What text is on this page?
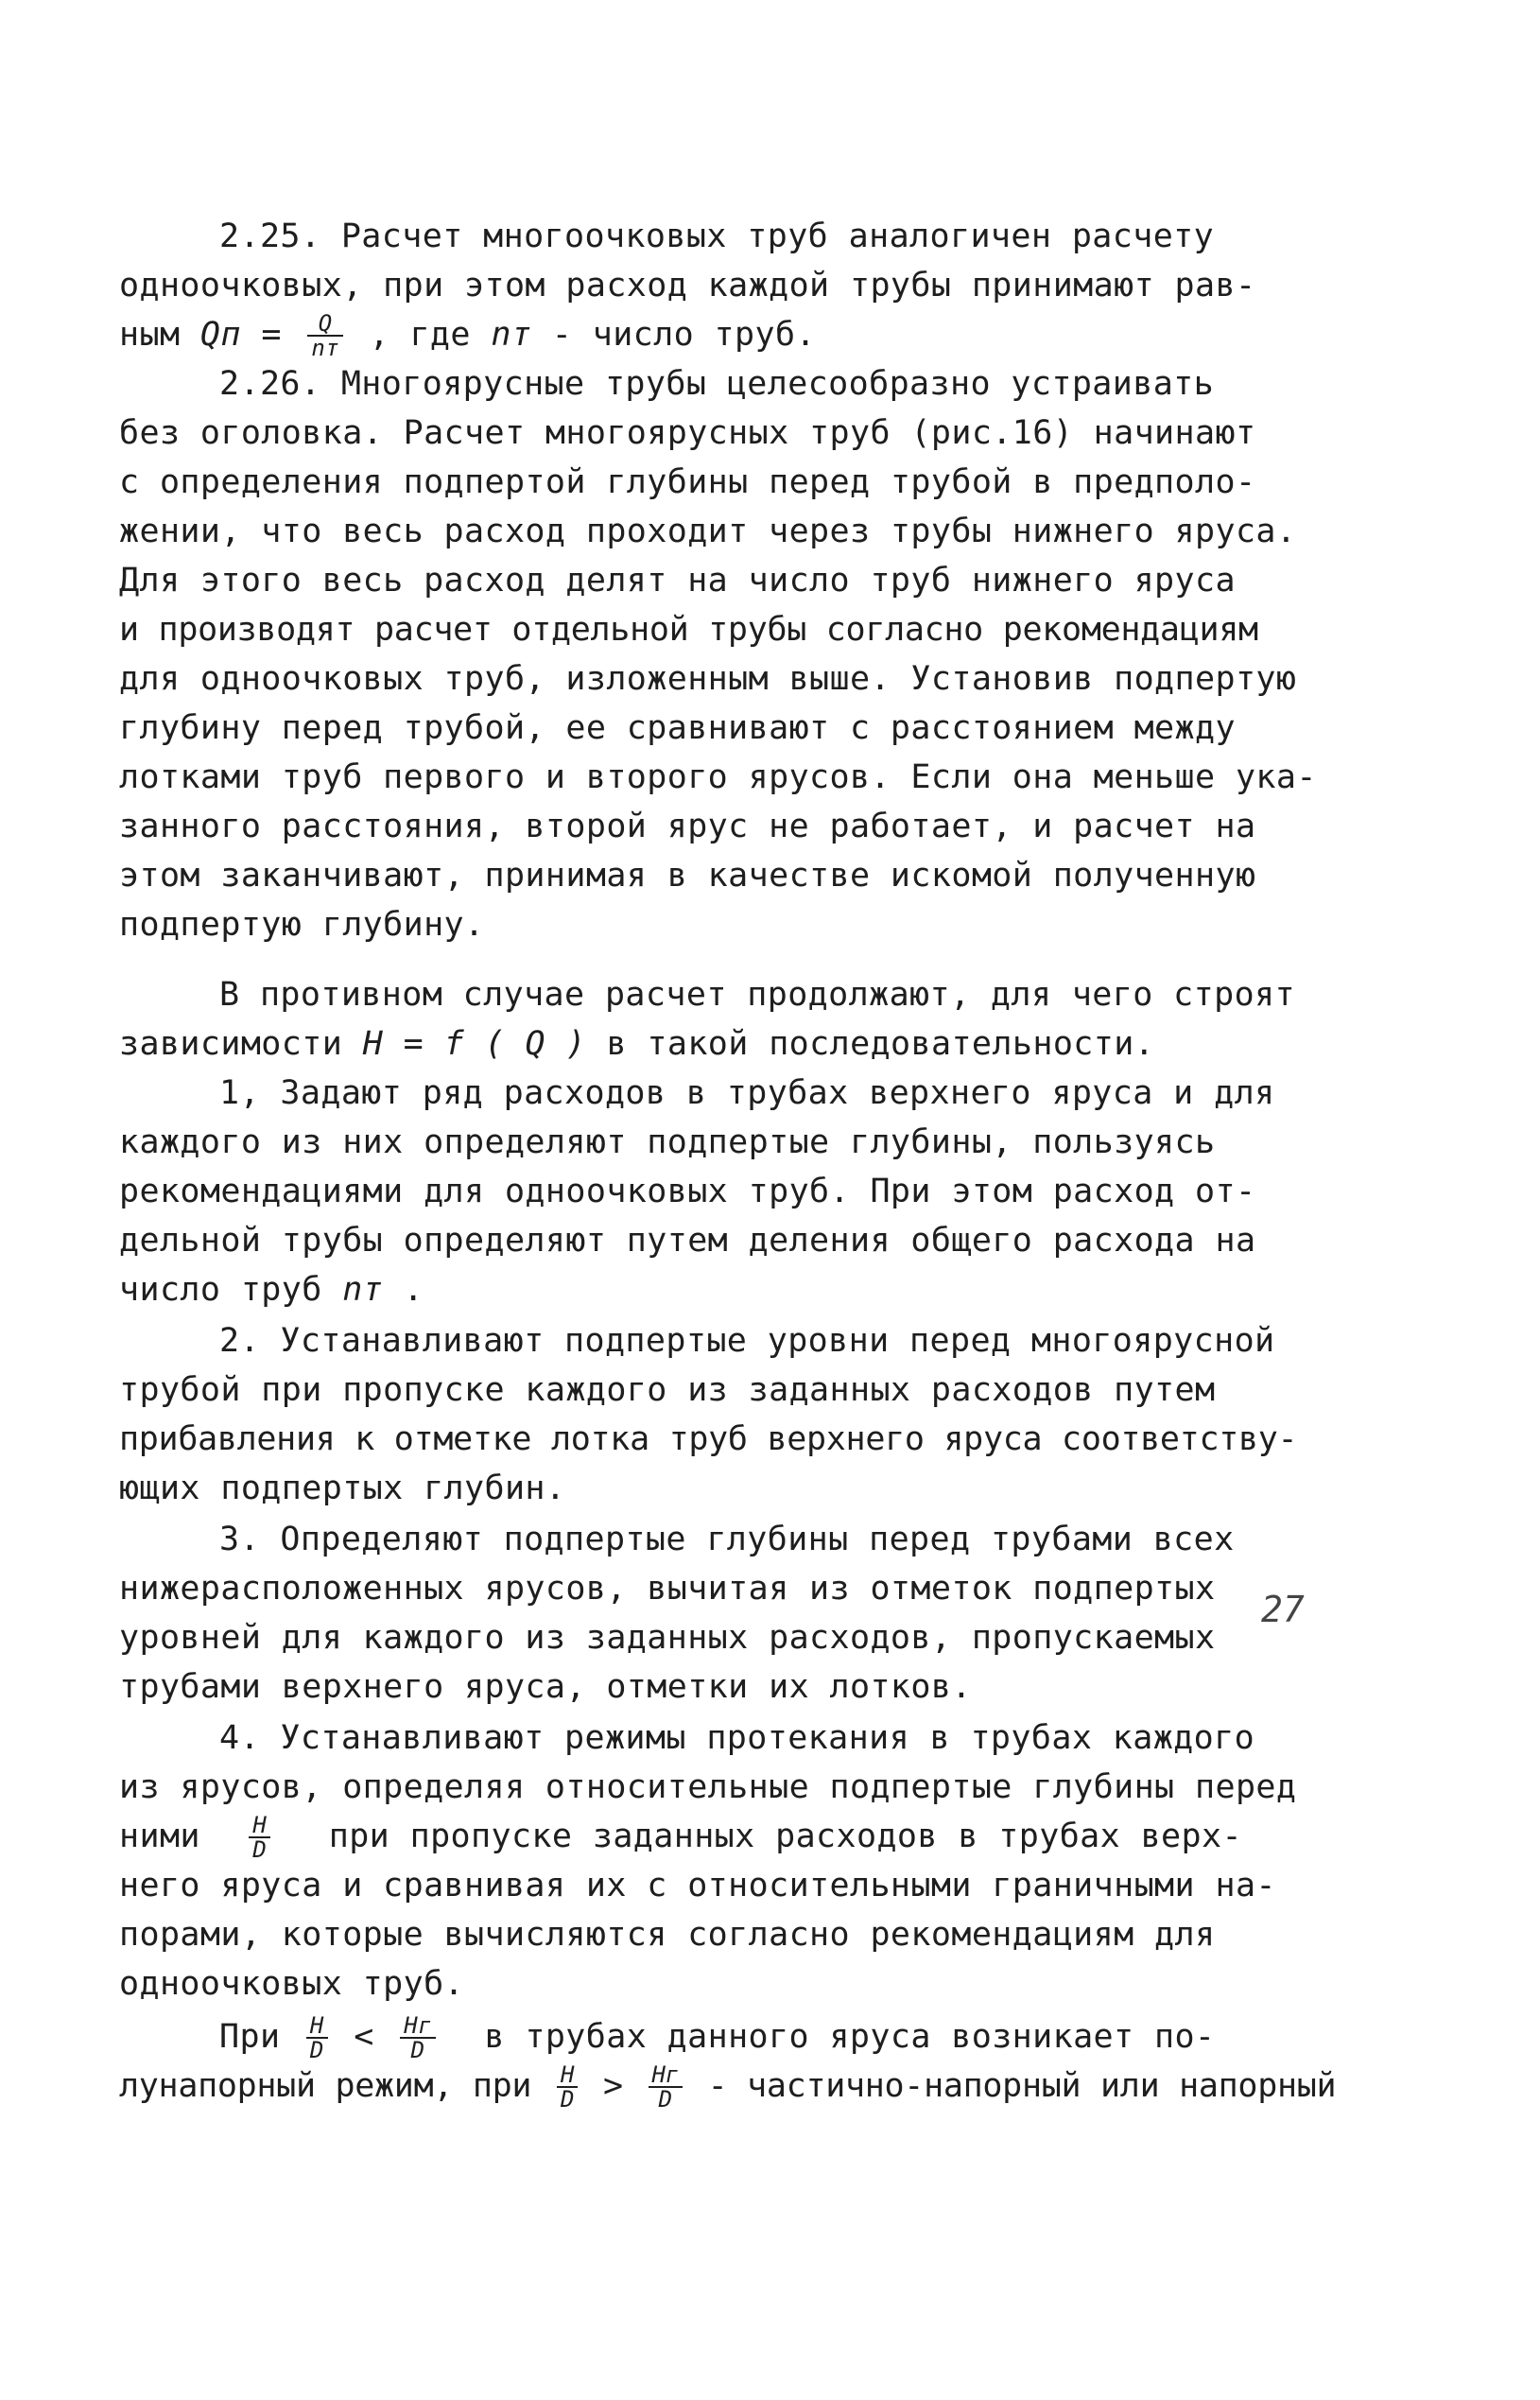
2.25. Расчет многоочковых труб аналогичен расчету
одноочковых, при этом расход каждой трубы принимают рав-
ным Qп = $\frac{Q}{nт}$ , где nт - число труб.
2.26. Многоярусные трубы целесообразно устраивать
без оголовка. Расчет многоярусных труб (рис.16) начинают
с определения подпертой глубины перед трубой в предполо-
жении, что весь расход проходит через трубы нижнего яруса.
Для этого весь расход делят на число труб нижнего яруса
и производят расчет отдельной трубы согласно рекомендациям
для одноочковых труб, изложенным выше. Установив подпертую
глубину перед трубой, ее сравнивают с расстоянием между
лотками труб первого и второго ярусов. Если она меньше ука-
занного расстояния, второй ярус не работает, и расчет на
этом заканчивают, принимая в качестве искомой полученную
подпертую глубину.
В противном случае расчет продолжают, для чего строят
зависимости H = f ( Q ) в такой последовательности.
1, Задают ряд расходов в трубах верхнего яруса и для
каждого из них определяют подпертые глубины, пользуясь
рекомендациями для одноочковых труб. При этом расход от-
дельной трубы определяют путем деления общего расхода на
число труб nт .
2. Устанавливают подпертые уровни перед многоярусной
трубой при пропуске каждого из заданных расходов путем
прибавления к отметке лотка труб верхнего яруса соответству-
ющих подпертых глубин.
3. Определяют подпертые глубины перед трубами всех
нижерасположенных ярусов, вычитая из отметок подпертых
уровней для каждого из заданных расходов, пропускаемых
трубами верхнего яруса, отметки их лотков.
4. Устанавливают режимы протекания в трубах каждого
из ярусов, определяя относительные подпертые глубины перед
ними $\frac{H}{D}$ при пропуске заданных расходов в трубах верх-
него яруса и сравнивая их с относительными граничными на-
порами, которые вычисляются согласно рекомендациям для
одноочковых труб.
При $\frac{H}{D} < \frac{Hг}{D}$ в трубах данного яруса возникает по-
лунапорный режим, при $\frac{H}{D} > \frac{Hг}{D}$ - частично-напорный или напорный
27
